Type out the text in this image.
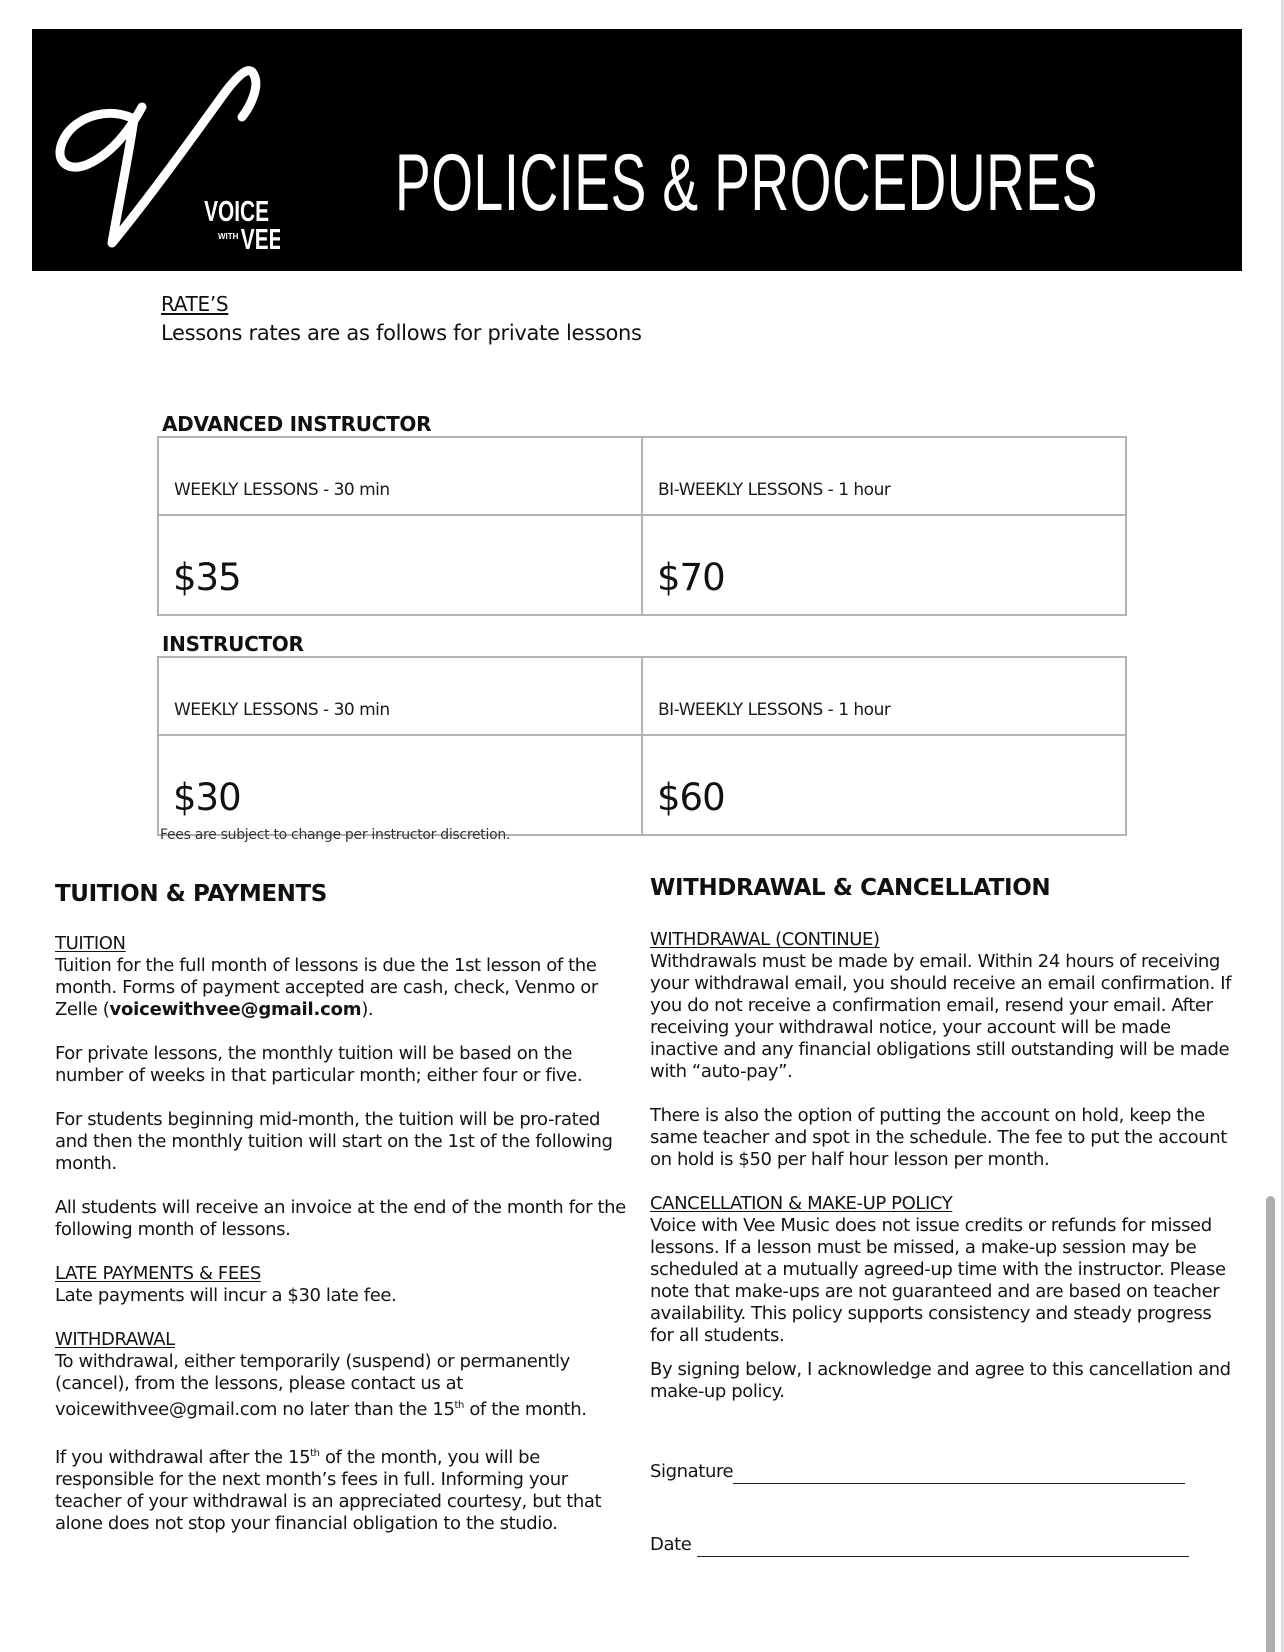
VOICE
WITH VEE
POLICIES & PROCEDURES
RATE’S
Lessons rates are as follows for private lessons
ADVANCED INSTRUCTOR
WEEKLY LESSONS - 30 min	BI-WEEKLY LESSONS - 1 hour
$35	$70
INSTRUCTOR
WEEKLY LESSONS - 30 min	BI-WEEKLY LESSONS - 1 hour
$30	$60
Fees are subject to change per instructor discretion.
TUITION & PAYMENTS

TUITION

Tuition for the full month of lessons is due the 1st lesson of the month. Forms of payment accepted are cash, check, Venmo or Zelle (voicewithvee@gmail.com).

For private lessons, the monthly tuition will be based on the number of weeks in that particular month; either four or five.

For students beginning mid-month, the tuition will be pro-rated and then the monthly tuition will start on the 1st of the following month.

All students will receive an invoice at the end of the month for the following month of lessons.

LATE PAYMENTS & FEES

Late payments will incur a $30 late fee.

WITHDRAWAL

To withdrawal, either temporarily (suspend) or permanently (cancel), from the lessons, please contact us at voicewithvee@gmail.com no later than the 15th of the month.

If you withdrawal after the 15th of the month, you will be responsible for the next month’s fees in full. Informing your teacher of your withdrawal is an appreciated courtesy, but that alone does not stop your financial obligation to the studio.

WITHDRAWAL & CANCELLATION

WITHDRAWAL (CONTINUE)

Withdrawals must be made by email. Within 24 hours of receiving your withdrawal email, you should receive an email confirmation. If you do not receive a confirmation email, resend your email. After receiving your withdrawal notice, your account will be made inactive and any financial obligations still outstanding will be made with “auto-pay”.

There is also the option of putting the account on hold, keep the same teacher and spot in the schedule. The fee to put the account on hold is $50 per half hour lesson per month.

CANCELLATION & MAKE-UP POLICY

Voice with Vee Music does not issue credits or refunds for missed lessons. If a lesson must be missed, a make-up session may be scheduled at a mutually agreed-up time with the instructor. Please note that make-ups are not guaranteed and are based on teacher availability. This policy supports consistency and steady progress for all students.

By signing below, I acknowledge and agree to this cancellation and make-up policy.

Signature
Date
